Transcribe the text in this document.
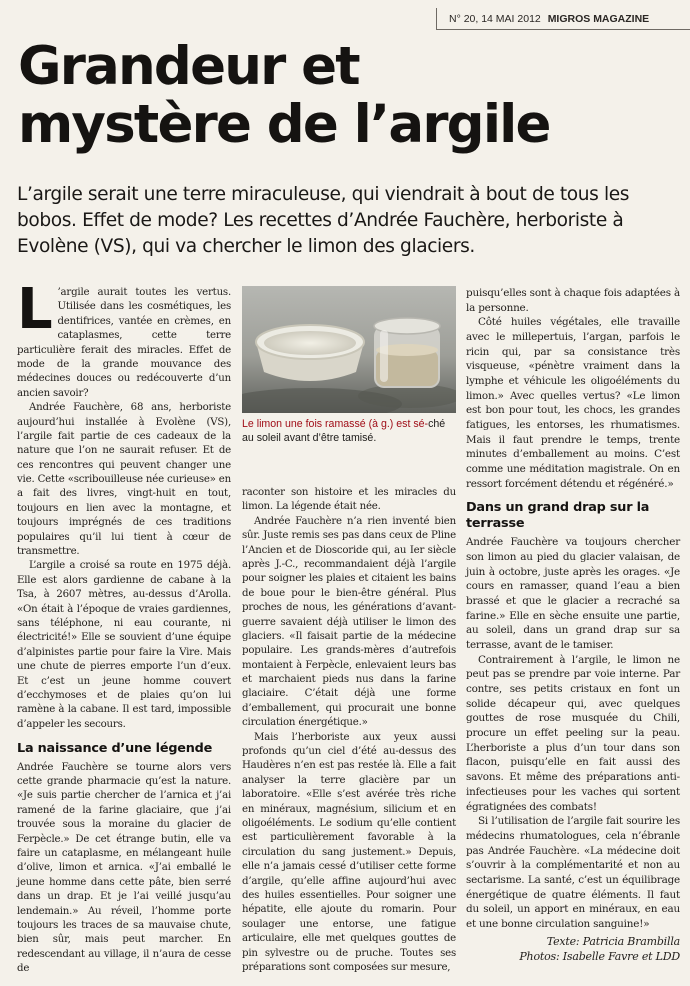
N° 20, 14 MAI 2012 MIGROS MAGAZINE
Grandeur et
mystère de l’argile

L’argile serait une terre miraculeuse, qui viendrait à bout de tous les bobos. Effet de mode? Les recettes d’Andrée Fauchère, herboriste à Evolène (VS), qui va chercher le limon des glaciers.

L ’argile aurait toutes les vertus. Utilisée dans les cosmétiques, les dentifrices, vantée en crèmes, en cataplasmes, cette terre particulière ferait des miracles. Effet de mode de la grande mouvance des médecines douces ou redécouverte d’un ancien savoir?

Andrée Fauchère, 68 ans, herboriste aujourd’hui installée à Evolène (VS), l’argile fait partie de ces cadeaux de la nature que l’on ne saurait refuser. Et de ces rencontres qui peuvent changer une vie. Cette «scribouilleuse née curieuse» en a fait des livres, vingt-huit en tout, toujours en lien avec la montagne, et toujours imprégnés de ces traditions populaires qu’il lui tient à cœur de transmettre.

L’argile a croisé sa route en 1975 déjà. Elle est alors gardienne de cabane à la Tsa, à 2607 mètres, au-dessus d’Arolla. «On était à l’époque de vraies gardiennes, sans téléphone, ni eau courante, ni électricité!» Elle se souvient d’une équipe d’alpinistes partie pour faire la Vire. Mais une chute de pierres emporte l’un d’eux. Et c’est un jeune homme couvert d’ecchymoses et de plaies qu’on lui ramène à la cabane. Il est tard, impossible d’appeler les secours.

La naissance d’une légende

Andrée Fauchère se tourne alors vers cette grande pharmacie qu’est la nature. «Je suis partie chercher de l’arnica et j’ai ramené de la farine glaciaire, que j’ai trouvée sous la moraine du glacier de Ferpècle.» De cet étrange butin, elle va faire un cataplasme, en mélangeant huile d’olive, limon et arnica. «J’ai emballé le jeune homme dans cette pâte, bien serré dans un drap. Et je l’ai veillé jusqu’au lendemain.» Au réveil, l’homme porte toujours les traces de sa mauvaise chute, bien sûr, mais peut marcher. En redescendant au village, il n’aura de cesse de

Le limon une fois ramassé (à g.) est sé-ché au soleil avant d’être tamisé.

raconter son histoire et les miracles du limon. La légende était née.

Andrée Fauchère n’a rien inventé bien sûr. Juste remis ses pas dans ceux de Pline l’Ancien et de Dioscoride qui, au Ier siècle après J.-C., recommandaient déjà l’argile pour soigner les plaies et citaient les bains de boue pour le bien-être général. Plus proches de nous, les générations d’avant-guerre savaient déjà utiliser le limon des glaciers. «Il faisait partie de la médecine populaire. Les grands-mères d’autrefois montaient à Ferpècle, enlevaient leurs bas et marchaient pieds nus dans la farine glaciaire. C’était déjà une forme d’emballement, qui procurait une bonne circulation énergétique.»

Mais l’herboriste aux yeux aussi profonds qu’un ciel d’été au-dessus des Haudères n’en est pas restée là. Elle a fait analyser la terre glacière par un laboratoire. «Elle s’est avérée très riche en minéraux, magnésium, silicium et en oligoéléments. Le sodium qu’elle contient est particulièrement favorable à la circulation du sang justement.» Depuis, elle n’a jamais cessé d’utiliser cette forme d’argile, qu’elle affine aujourd’hui avec des huiles essentielles. Pour soigner une hépatite, elle ajoute du romarin. Pour soulager une entorse, une fatigue articulaire, elle met quelques gouttes de pin sylvestre ou de pruche. Toutes ses préparations sont composées sur mesure,

puisqu’elles sont à chaque fois adaptées à la personne.

Côté huiles végétales, elle travaille avec le millepertuis, l’argan, parfois le ricin qui, par sa consistance très visqueuse, «pénètre vraiment dans la lymphe et véhicule les oligoéléments du limon.» Avec quelles vertus? «Le limon est bon pour tout, les chocs, les grandes fatigues, les entorses, les rhumatismes. Mais il faut prendre le temps, trente minutes d’emballement au moins. C’est comme une méditation magistrale. On en ressort forcément détendu et régénéré.»

Dans un grand drap sur la terrasse

Andrée Fauchère va toujours chercher son limon au pied du glacier valaisan, de juin à octobre, juste après les orages. «Je cours en ramasser, quand l’eau a bien brassé et que le glacier a recraché sa farine.» Elle en sèche ensuite une partie, au soleil, dans un grand drap sur sa terrasse, avant de le tamiser.

Contrairement à l’argile, le limon ne peut pas se prendre par voie interne. Par contre, ses petits cristaux en font un solide décapeur qui, avec quelques gouttes de rose musquée du Chili, procure un effet peeling sur la peau. L’herboriste a plus d’un tour dans son flacon, puisqu’elle en fait aussi des savons. Et même des préparations anti-infectieuses pour les vaches qui sortent égratignées des combats!

Si l’utilisation de l’argile fait sourire les médecins rhumatologues, cela n’ébranle pas Andrée Fauchère. «La médecine doit s’ouvrir à la complémentarité et non au sectarisme. La santé, c’est un équilibrage énergétique de quatre éléments. Il faut du soleil, un apport en minéraux, en eau et une bonne circulation sanguine!»

Texte: Patricia Brambilla
Photos: Isabelle Favre et LDD
